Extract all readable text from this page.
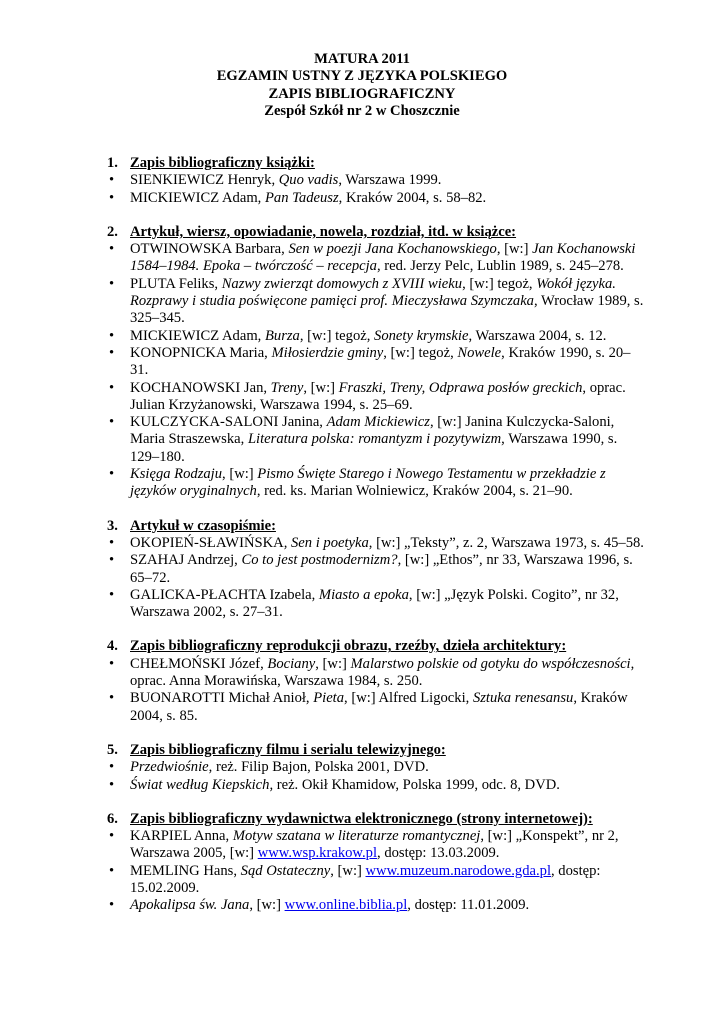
MATURA 2011
EGZAMIN USTNY Z JĘZYKA POLSKIEGO
ZAPIS BIBLIOGRAFICZNY
Zespół Szkół nr 2 w Choszcznie
1. Zapis bibliograficzny książki:
• SIENKIEWICZ Henryk, Quo vadis, Warszawa 1999.
• MICKIEWICZ Adam, Pan Tadeusz, Kraków 2004, s. 58–82.
2. Artykuł, wiersz, opowiadanie, nowela, rozdział, itd. w książce:
• OTWINOWSKA Barbara, Sen w poezji Jana Kochanowskiego, [w:] Jan Kochanowski 1584–1984. Epoka – twórczość – recepcja, red. Jerzy Pelc, Lublin 1989, s. 245–278.
• PLUTA Feliks, Nazwy zwierząt domowych z XVIII wieku, [w:] tegoż, Wokół języka. Rozprawy i studia poświęcone pamięci prof. Mieczysława Szymczaka, Wrocław 1989, s. 325–345.
• MICKIEWICZ Adam, Burza, [w:] tegoż, Sonety krymskie, Warszawa 2004, s. 12.
• KONOPNICKA Maria, Miłosierdzie gminy, [w:] tegoż, Nowele, Kraków 1990, s. 20–31.
• KOCHANOWSKI Jan, Treny, [w:] Fraszki, Treny, Odprawa posłów greckich, oprac. Julian Krzyżanowski, Warszawa 1994, s. 25–69.
• KULCZYCKA-SALONI Janina, Adam Mickiewicz, [w:] Janina Kulczycka-Saloni, Maria Straszewska, Literatura polska: romantyzm i pozytywizm, Warszawa 1990, s. 129–180.
• Księga Rodzaju, [w:] Pismo Święte Starego i Nowego Testamentu w przekładzie z języków oryginalnych, red. ks. Marian Wolniewicz, Kraków 2004, s. 21–90.
3. Artykuł w czasopiśmie:
• OKOPIEŃ-SŁAWIŃSKA, Sen i poetyka, [w:] „Teksty”, z. 2, Warszawa 1973, s. 45–58.
• SZAHAJ Andrzej, Co to jest postmodernizm?, [w:] „Ethos”, nr 33, Warszawa 1996, s. 65–72.
• GALICKA-PŁACHTA Izabela, Miasto a epoka, [w:] „Język Polski. Cogito”, nr 32, Warszawa 2002, s. 27–31.
4. Zapis bibliograficzny reprodukcji obrazu, rzeźby, dzieła architektury:
• CHEŁMOŃSKI Józef, Bociany, [w:] Malarstwo polskie od gotyku do współczesności, oprac. Anna Morawińska, Warszawa 1984, s. 250.
• BUONAROTTI Michał Anioł, Pieta, [w:] Alfred Ligocki, Sztuka renesansu, Kraków 2004, s. 85.
5. Zapis bibliograficzny filmu i serialu telewizyjnego:
• Przedwiośnie, reż. Filip Bajon, Polska 2001, DVD.
• Świat według Kiepskich, reż. Okił Khamidow, Polska 1999, odc. 8, DVD.
6. Zapis bibliograficzny wydawnictwa elektronicznego (strony internetowej):
• KARPIEL Anna, Motyw szatana w literaturze romantycznej, [w:] „Konspekt”, nr 2, Warszawa 2005, [w:] www.wsp.krakow.pl, dostęp: 13.03.2009.
• MEMLING Hans, Sąd Ostateczny, [w:] www.muzeum.narodowe.gda.pl, dostęp: 15.02.2009.
• Apokalipsa św. Jana, [w:] www.online.biblia.pl, dostęp: 11.01.2009.
